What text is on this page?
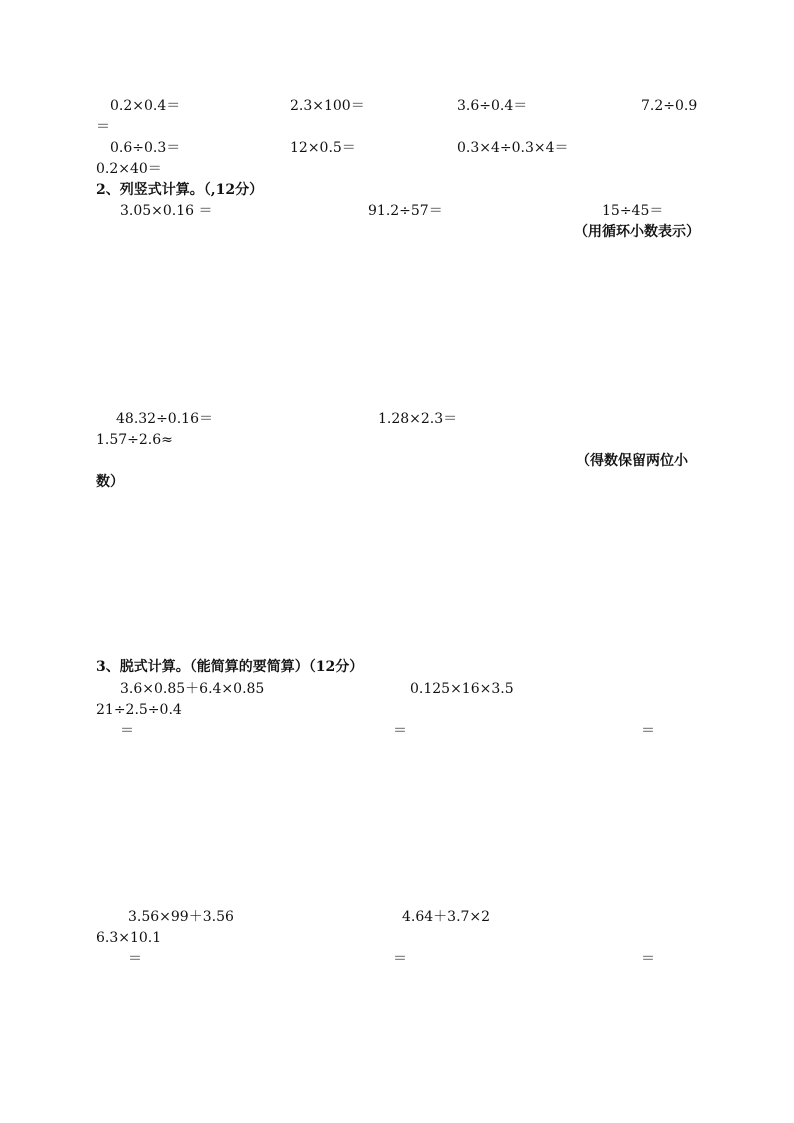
0.2×0.4＝	2.3×100＝	3.6÷0.4＝	7.2÷0.9
＝
0.6÷0.3＝	12×0.5＝	0.3×4÷0.3×4＝
0.2×40＝
2、列竖式计算。（,12分）
3.05×0.16 ＝	91.2÷57＝	15÷45＝
（用循环小数表示）
48.32÷0.16＝	1.28×2.3＝
1.57÷2.6≈
（得数保留两位小
数）
3、脱式计算。（能简算的要简算）（12分）
3.6×0.85＋6.4×0.85	0.125×16×3.5
21÷2.5÷0.4
＝	＝	＝
3.56×99＋3.56	4.64＋3.7×2
6.3×10.1
＝	＝	＝
